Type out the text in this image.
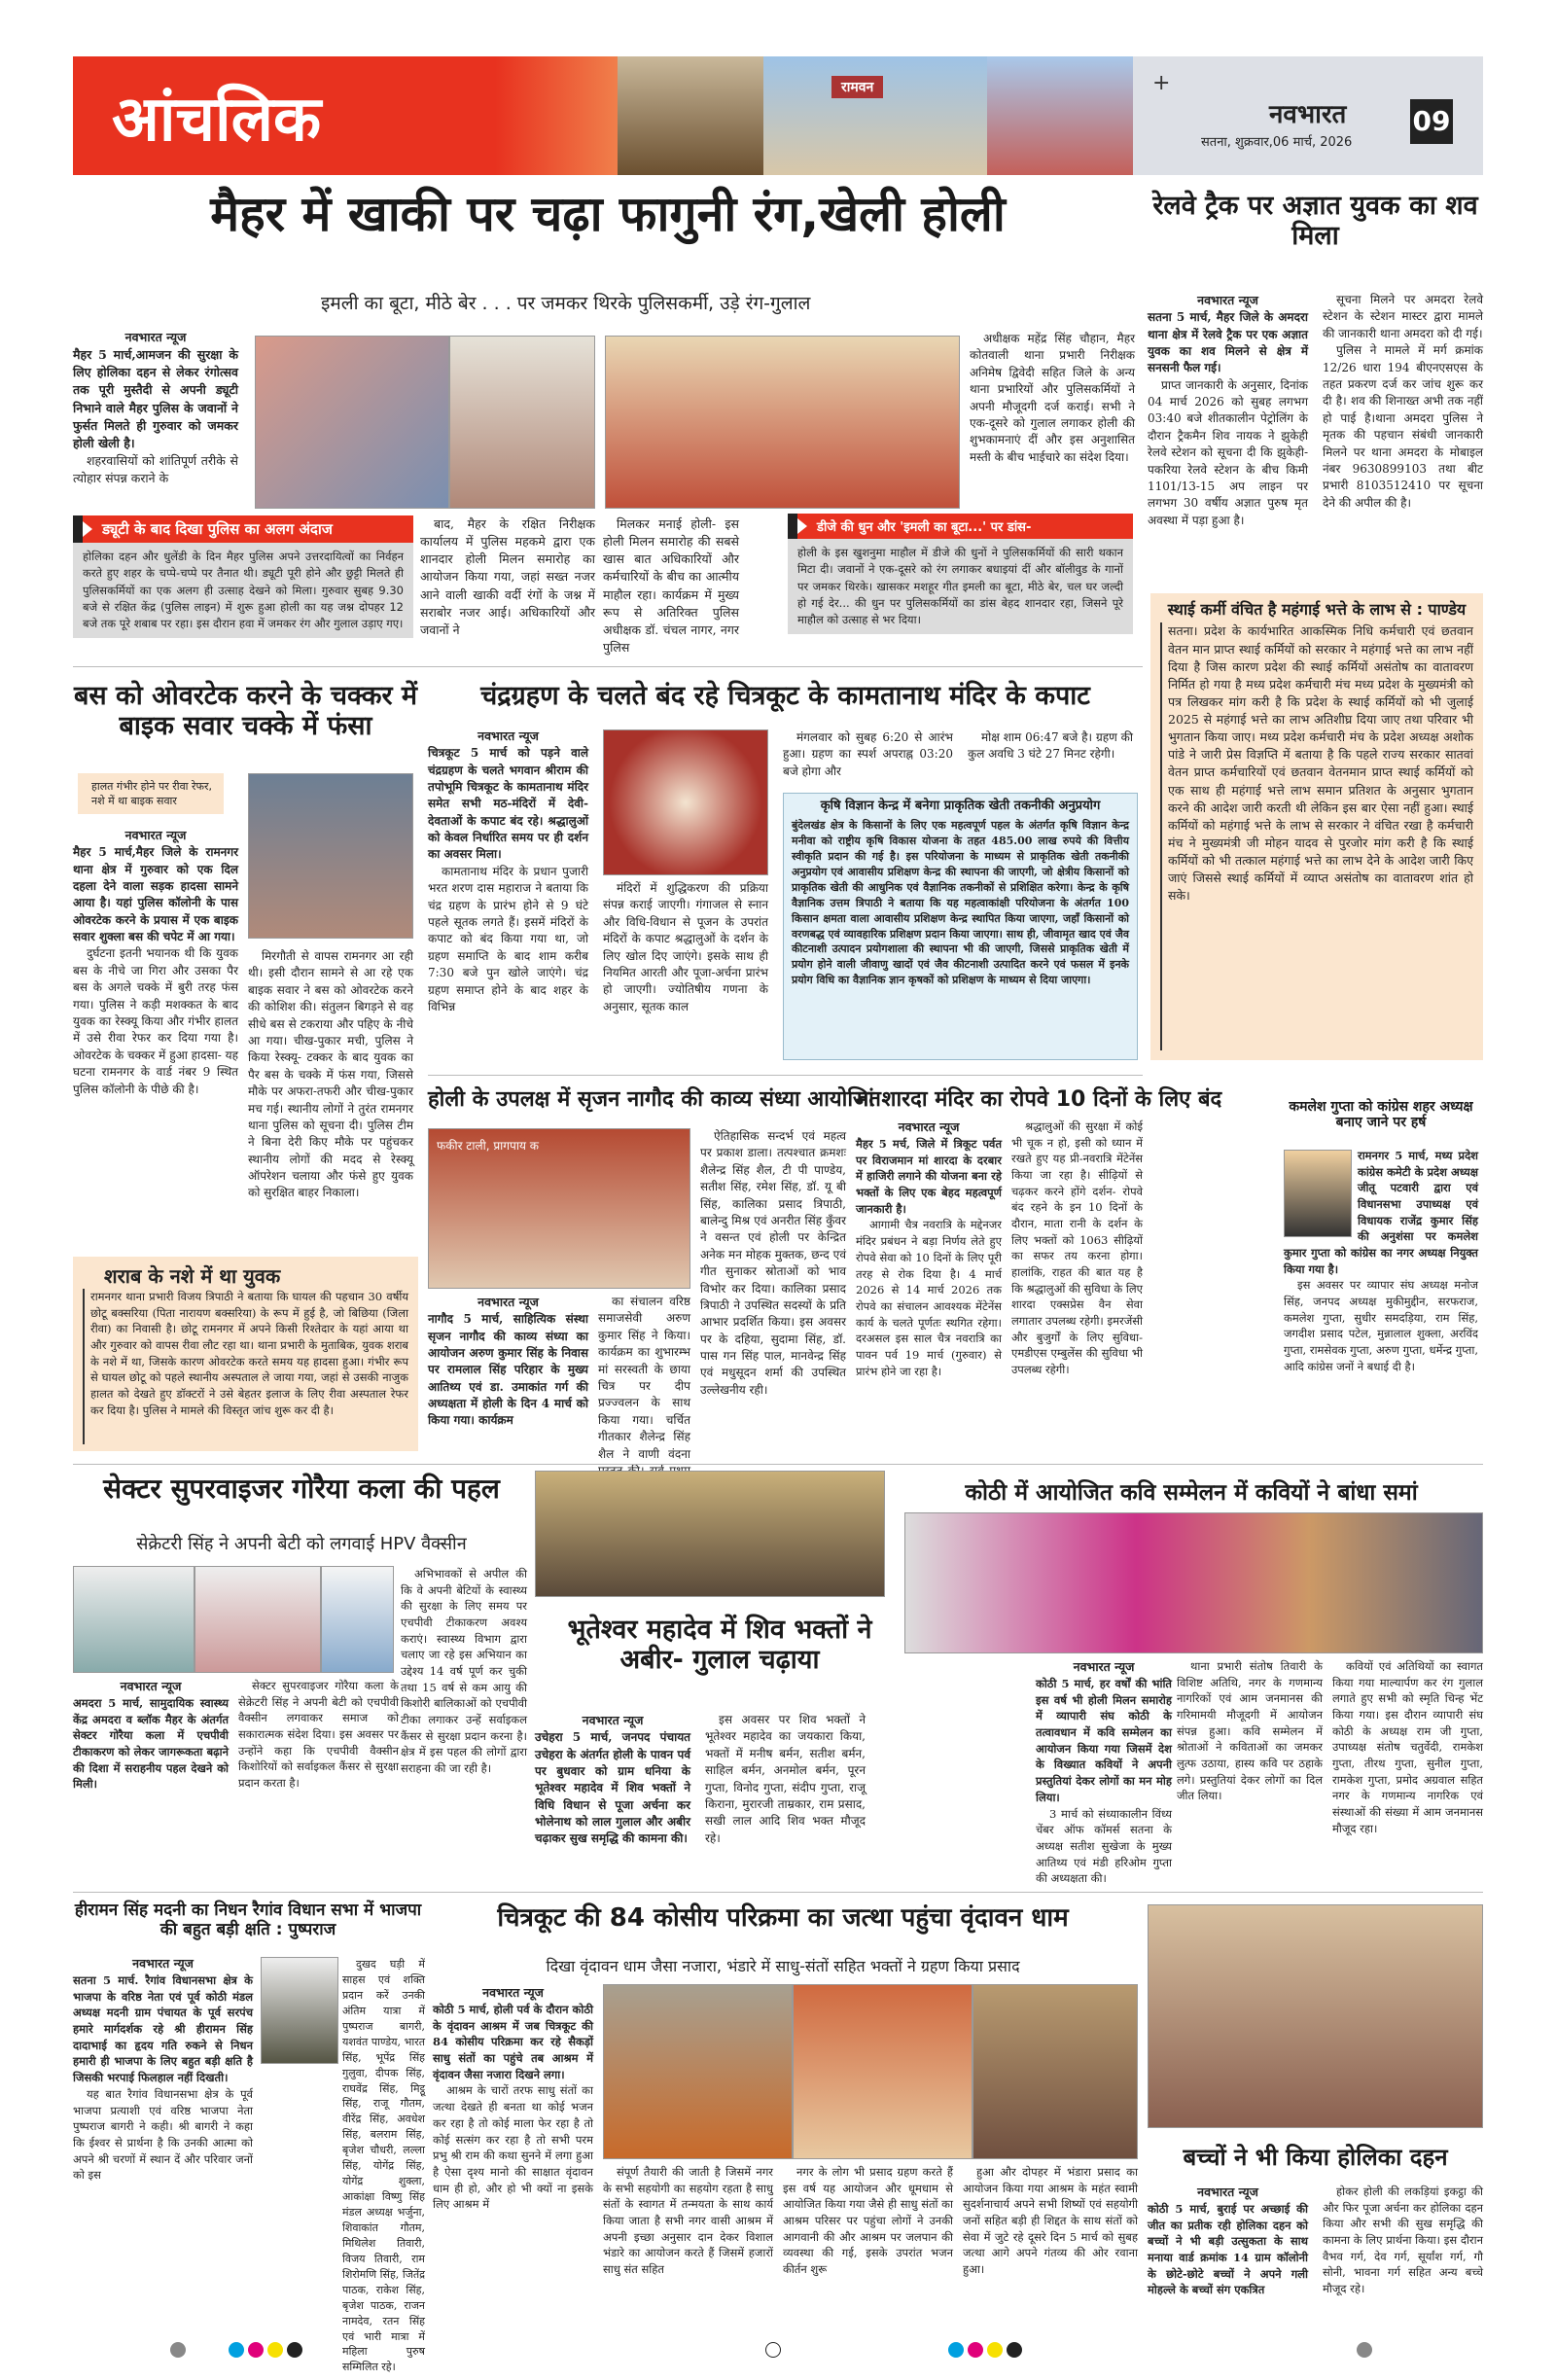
आंचलिक	रामवन	+
नवभारत
सतना, शुक्रवार,06 मार्च, 2026
09
मैहर में खाकी पर चढ़ा फागुनी रंग,खेली होली
इमली का बूटा, मीठे बेर . . . पर जमकर थिरके पुलिसकर्मी, उड़े रंग-गुलाल
नवभारत न्यूज
मैहर 5 मार्च,आमजन की सुरक्षा के लिए होलिका दहन से लेकर रंगोत्सव तक पूरी मुस्तैदी से अपनी ड्यूटी निभाने वाले मैहर पुलिस के जवानों ने फुर्सत मिलते ही गुरुवार को जमकर होली खेली है।

शहरवासियों को शांतिपूर्ण तरीके से त्योहार संपन्न कराने के

अधीक्षक महेंद्र सिंह चौहान, मैहर कोतवाली थाना प्रभारी निरीक्षक अनिमेष द्विवेदी सहित जिले के अन्य थाना प्रभारियों और पुलिसकर्मियों ने अपनी मौजूदगी दर्ज कराई। सभी ने एक-दूसरे को गुलाल लगाकर होली की शुभकामनाएं दीं और इस अनुशासित मस्ती के बीच भाईचारे का संदेश दिया।

ड्यूटी के बाद दिखा पुलिस का अलग अंदाज
होलिका दहन और धुलेंडी के दिन मैहर पुलिस अपने उत्तरदायित्वों का निर्वहन करते हुए शहर के चप्पे-चप्पे पर तैनात थी। ड्यूटी पूरी होने और छुट्टी मिलते ही पुलिसकर्मियों का एक अलग ही उत्साह देखने को मिला। गुरुवार सुबह 9.30 बजे से रक्षित केंद्र (पुलिस लाइन) में शुरू हुआ होली का यह जश्न दोपहर 12 बजे तक पूरे शबाब पर रहा। इस दौरान हवा में जमकर रंग और गुलाल उड़ाए गए।

बाद, मैहर के रक्षित निरीक्षक कार्यालय में पुलिस महकमे द्वारा एक शानदार होली मिलन समारोह का आयोजन किया गया, जहां सख्त नजर आने वाली खाकी वर्दी रंगों के जश्न में सराबोर नजर आई। अधिकारियों और जवानों ने

मिलकर मनाई होली- इस होली मिलन समारोह की सबसे खास बात अधिकारियों और कर्मचारियों के बीच का आत्मीय माहौल रहा। कार्यक्रम में मुख्य रूप से अतिरिक्त पुलिस अधीक्षक डॉ. चंचल नागर, नगर पुलिस

डीजे की धुन और 'इमली का बूटा...' पर डांस-
होली के इस खुशनुमा माहौल में डीजे की धुनों ने पुलिसकर्मियों की सारी थकान मिटा दी। जवानों ने एक-दूसरे को रंग लगाकर बधाइयां दीं और बॉलीवुड के गानों पर जमकर थिरके। खासकर मशहूर गीत इमली का बूटा, मीठे बेर, चल घर जल्दी हो गई देर... की धुन पर पुलिसकर्मियों का डांस बेहद शानदार रहा, जिसने पूरे माहौल को उत्साह से भर दिया।
रेलवे ट्रैक पर अज्ञात युवक का शव मिला
नवभारत न्यूज
सतना 5 मार्च, मैहर जिले के अमदरा थाना क्षेत्र में रेलवे ट्रैक पर एक अज्ञात युवक का शव मिलने से क्षेत्र में सनसनी फैल गई।

प्राप्त जानकारी के अनुसार, दिनांक 04 मार्च 2026 को सुबह लगभग 03:40 बजे शीतकालीन पेट्रोलिंग के दौरान ट्रैकमैन शिव नायक ने झुकेही रेलवे स्टेशन को सूचना दी कि झुकेही-पकरिया रेलवे स्टेशन के बीच किमी 1101/13-15 अप लाइन पर लगभग 30 वर्षीय अज्ञात पुरुष मृत अवस्था में पड़ा हुआ है।

सूचना मिलने पर अमदरा रेलवे स्टेशन के स्टेशन मास्टर द्वारा मामले की जानकारी थाना अमदरा को दी गई।

पुलिस ने मामले में मर्ग क्रमांक 12/26 धारा 194 बीएनएसएस के तहत प्रकरण दर्ज कर जांच शुरू कर दी है। शव की शिनाख्त अभी तक नहीं हो पाई है।थाना अमदरा पुलिस ने मृतक की पहचान संबंधी जानकारी मिलने पर थाना अमदरा के मोबाइल नंबर 9630899103 तथा बीट प्रभारी 8103512410 पर सूचना देने की अपील की है।

स्थाई कर्मी वंचित है महंगाई भत्ते के लाभ से : पाण्डेय
सतना। प्रदेश के कार्यभारित आकस्मिक निधि कर्मचारी एवं छतवान वेतन मान प्राप्त स्थाई कर्मियों को सरकार ने महंगाई भत्ते का लाभ नहीं दिया है जिस कारण प्रदेश की स्थाई कर्मियों असंतोष का वातावरण निर्मित हो गया है मध्य प्रदेश कर्मचारी मंच मध्य प्रदेश के मुख्यमंत्री को पत्र लिखकर मांग करी है कि प्रदेश के स्थाई कर्मियों को भी जुलाई 2025 से महंगाई भत्ते का लाभ अतिशीघ्र दिया जाए तथा परिवार भी भुगतान किया जाए। मध्य प्रदेश कर्मचारी मंच के प्रदेश अध्यक्ष अशोक पांडे ने जारी प्रेस विज्ञप्ति में बताया है कि पहले राज्य सरकार सातवां वेतन प्राप्त कर्मचारियों एवं छतवान वेतनमान प्राप्त स्थाई कर्मियों को एक साथ ही महंगाई भत्ते लाभ समान प्रतिशत के अनुसार भुगतान करने की आदेश जारी करती थी लेकिन इस बार ऐसा नहीं हुआ। स्थाई कर्मियों को महंगाई भत्ते के लाभ से सरकार ने वंचित रखा है कर्मचारी मंच ने मुख्यमंत्री जी मोहन यादव से पुरजोर मांग करी है कि स्थाई कर्मियों को भी तत्काल महंगाई भत्ते का लाभ देने के आदेश जारी किए जाएं जिससे स्थाई कर्मियों में व्याप्त असंतोष का वातावरण शांत हो सके।
बस को ओवरटेक करने के चक्कर में बाइक सवार चक्के में फंसा
हालत गंभीर होने पर रीवा रेफर, नशे में था बाइक सवार
नवभारत न्यूज
मैहर 5 मार्च,मैहर जिले के रामनगर थाना क्षेत्र में गुरुवार को एक दिल दहला देने वाला सड़क हादसा सामने आया है। यहां पुलिस कॉलोनी के पास ओवरटेक करने के प्रयास में एक बाइक सवार शुक्ला बस की चपेट में आ गया।

दुर्घटना इतनी भयानक थी कि युवक बस के नीचे जा गिरा और उसका पैर बस के अगले चक्के में बुरी तरह फंस गया। पुलिस ने कड़ी मशक्कत के बाद युवक का रेस्क्यू किया और गंभीर हालत में उसे रीवा रेफर कर दिया गया है। ओवरटेक के चक्कर में हुआ हादसा- यह घटना रामनगर के वार्ड नंबर 9 स्थित पुलिस कॉलोनी के पीछे की है।

मिरगौती से वापस रामनगर आ रही थी। इसी दौरान सामने से आ रहे एक बाइक सवार ने बस को ओवरटेक करने की कोशिश की। संतुलन बिगड़ने से वह सीधे बस से टकराया और पहिए के नीचे आ गया। चीख-पुकार मची, पुलिस ने किया रेस्क्यू- टक्कर के बाद युवक का पैर बस के चक्के में फंस गया, जिससे मौके पर अफरा-तफरी और चीख-पुकार मच गई। स्थानीय लोगों ने तुरंत रामनगर थाना पुलिस को सूचना दी। पुलिस टीम ने बिना देरी किए मौके पर पहुंचकर स्थानीय लोगों की मदद से रेस्क्यू ऑपरेशन चलाया और फंसे हुए युवक को सुरक्षित बाहर निकाला।

शराब के नशे में था युवक
रामनगर थाना प्रभारी विजय त्रिपाठी ने बताया कि घायल की पहचान 30 वर्षीय छोटू बक्सरिया (पिता नारायण बक्सरिया) के रूप में हुई है, जो बिछिया (जिला रीवा) का निवासी है। छोटू रामनगर में अपने किसी रिश्तेदार के यहां आया था और गुरुवार को वापस रीवा लौट रहा था। थाना प्रभारी के मुताबिक, युवक शराब के नशे में था, जिसके कारण ओवरटेक करते समय यह हादसा हुआ। गंभीर रूप से घायल छोटू को पहले स्थानीय अस्पताल ले जाया गया, जहां से उसकी नाजुक हालत को देखते हुए डॉक्टरों ने उसे बेहतर इलाज के लिए रीवा अस्पताल रेफर कर दिया है। पुलिस ने मामले की विस्तृत जांच शुरू कर दी है।
चंद्रग्रहण के चलते बंद रहे चित्रकूट के कामतानाथ मंदिर के कपाट
नवभारत न्यूज
चित्रकूट 5 मार्च को पड़ने वाले चंद्रग्रहण के चलते भगवान श्रीराम की तपोभूमि चित्रकूट के कामतानाथ मंदिर समेत सभी मठ-मंदिरों में देवी-देवताओं के कपाट बंद रहे। श्रद्धालुओं को केवल निर्धारित समय पर ही दर्शन का अवसर मिला।

कामतानाथ मंदिर के प्रधान पुजारी भरत शरण दास महाराज ने बताया कि चंद्र ग्रहण के प्रारंभ होने से 9 घंटे पहले सूतक लगते हैं। इसमें मंदिरों के कपाट को बंद किया गया था, जो ग्रहण समाप्ति के बाद शाम करीब 7:30 बजे पुन खोले जाएंगे। चंद्र ग्रहण समाप्त होने के बाद शहर के विभिन्न

मंदिरों में शुद्धिकरण की प्रक्रिया संपन्न कराई जाएगी। गंगाजल से स्नान और विधि-विधान से पूजन के उपरांत मंदिरों के कपाट श्रद्धालुओं के दर्शन के लिए खोल दिए जाएंगे। इसके साथ ही नियमित आरती और पूजा-अर्चना प्रारंभ हो जाएगी। ज्योतिषीय गणना के अनुसार, सूतक काल

मंगलवार को सुबह 6:20 से आरंभ हुआ। ग्रहण का स्पर्श अपराह्न 03:20 बजे होगा और

मोक्ष शाम 06:47 बजे है। ग्रहण की कुल अवधि 3 घंटे 27 मिनट रहेगी।

कृषि विज्ञान केन्द्र में बनेगा प्राकृतिक खेती तकनीकी अनुप्रयोग
बुंदेलखंड क्षेत्र के किसानों के लिए एक महत्वपूर्ण पहल के अंतर्गत कृषि विज्ञान केन्द्र मनीवा को राष्ट्रीय कृषि विकास योजना के तहत 485.00 लाख रुपये की वित्तीय स्वीकृति प्रदान की गई है। इस परियोजना के माध्यम से प्राकृतिक खेती तकनीकी अनुप्रयोग एवं आवासीय प्रशिक्षण केन्द्र की स्थापना की जाएगी, जो क्षेत्रीय किसानों को प्राकृतिक खेती की आधुनिक एवं वैज्ञानिक तकनीकों से प्रशिक्षित करेगा। केन्द्र के कृषि वैज्ञानिक उत्तम त्रिपाठी ने बताया कि यह महत्वाकांक्षी परियोजना के अंतर्गत 100 किसान क्षमता वाला आवासीय प्रशिक्षण केन्द्र स्थापित किया जाएगा, जहाँ किसानों को वरणबद्ध एवं व्यावहारिक प्रशिक्षण प्रदान किया जाएगा। साथ ही, जीवामृत खाद एवं जैव कीटनाशी उत्पादन प्रयोगशाला की स्थापना भी की जाएगी, जिससे प्राकृतिक खेती में प्रयोग होने वाली जीवाणु खादों एवं जैव कीटनाशी उत्पादित करने एवं फसल में इनके प्रयोग विधि का वैज्ञानिक ज्ञान कृषकों को प्रशिक्षण के माध्यम से दिया जाएगा।
होली के उपलक्ष में सृजन नागौद की काव्य संध्या आयोजित
फकीर टाली, प्रागपाय क
नवभारत न्यूज
नागौद 5 मार्च, साहित्यिक संस्था सृजन नागौद की काव्य संध्या का आयोजन अरुण कुमार सिंह के निवास पर रामलाल सिंह परिहार के मुख्य आतिथ्य एवं डा. उमाकांत गर्ग की अध्यक्षता में होली के दिन 4 मार्च को किया गया। कार्यक्रम

का संचालन वरिष्ठ समाजसेवी अरुण कुमार सिंह ने किया। कार्यक्रम का शुभारम्भ मां सरस्वती के छाया चित्र पर दीप प्रज्ज्वलन के साथ किया गया। चर्चित गीतकार शैलेन्द्र सिंह शैल ने वाणी वंदना

ऐतिहासिक सन्दर्भ एवं महत्व पर प्रकाश डाला। तत्पश्चात क्रमशः शैलेन्द्र सिंह शैल, टी पी पाण्डेय, सतीश सिंह, रमेश सिंह, डॉ. यू बी सिंह, कालिका प्रसाद त्रिपाठी, बालेन्दु मिश्र एवं अनरीत सिंह कुँवर ने वसन्त एवं होली पर केन्द्रित अनेक मन मोहक मुक्तक, छन्द एवं गीत सुनाकर स्रोताओं को भाव विभोर कर दिया। कालिका प्रसाद त्रिपाठी ने उपस्थित सदस्यों के प्रति आभार प्रदर्शित किया। इस अवसर पर के दहिया, सुदामा सिंह, डॉ. पास गन सिंह पाल, मानवेन्द्र सिंह एवं मधुसूदन शर्मा की उपस्थित उल्लेखनीय रही।

मां शारदा मंदिर का रोपवे 10 दिनों के लिए बंद
नवभारत न्यूज
मैहर 5 मर्च, जिले में त्रिकूट पर्वत पर विराजमान मां शारदा के दरबार में हाजिरी लगाने की योजना बना रहे भक्तों के लिए एक बेहद महत्वपूर्ण जानकारी है।

आगामी चैत्र नवरात्रि के मद्देनजर मंदिर प्रबंधन ने बड़ा निर्णय लेते हुए रोपवे सेवा को 10 दिनों के लिए पूरी तरह से रोक दिया है। 4 मार्च 2026 से 14 मार्च 2026 तक रोपवे का संचालन आवश्यक मेंटेनेंस कार्य के चलते पूर्णतः स्थगित रहेगा। दरअसल इस साल चैत्र नवरात्रि का पावन पर्व 19 मार्च (गुरुवार) से प्रारंभ होने जा रहा है।

श्रद्धालुओं की सुरक्षा में कोई भी चूक न हो, इसी को ध्यान में रखते हुए यह प्री-नवरात्रि मेंटेनेंस किया जा रहा है। सीढ़ियों से चढ़कर करने होंगे दर्शन- रोपवे बंद रहने के इन 10 दिनों के दौरान, माता रानी के दर्शन के लिए भक्तों को 1063 सीढ़ियों का सफर तय करना होगा। हालांकि, राहत की बात यह है कि श्रद्धालुओं की सुविधा के लिए शारदा एक्सप्रेस वैन सेवा लगातार उपलब्ध रहेगी। इमरजेंसी और बुजुर्गों के लिए सुविधा- एमडीएस एम्बुलेंस की सुविधा भी उपलब्ध रहेगी।

कमलेश गुप्ता को कांग्रेस शहर अध्यक्ष बनाए जाने पर हर्ष
रामनगर 5 मार्च, मध्य प्रदेश कांग्रेस कमेटी के प्रदेश अध्यक्ष जीतू पटवारी द्वारा एवं विधानसभा उपाध्यक्ष एवं विधायक राजेंद्र कुमार सिंह की अनुशंसा पर कमलेश कुमार गुप्ता को कांग्रेस का नगर अध्यक्ष नियुक्त किया गया है।

इस अवसर पर व्यापार संघ अध्यक्ष मनोज सिंह, जनपद अध्यक्ष मुकीमुद्दीन, सरफराज, कमलेश गुप्ता, सुधीर समदड़िया, राम सिंह, जगदीश प्रसाद पटेल, मुन्नालाल शुक्ला, अरविंद गुप्ता, रामसेवक गुप्ता, अरुण गुप्ता, धर्मेन्द्र गुप्ता, आदि कांग्रेस जनों ने बधाई दी है।

सेक्टर सुपरवाइजर गोरैया कला की पहल
सेक्रेटरी सिंह ने अपनी बेटी को लगवाई HPV वैक्सीन
नवभारत न्यूज
अमदरा 5 मार्च, सामुदायिक स्वास्थ्य केंद्र अमदरा व ब्लॉक मैहर के अंतर्गत सेक्टर गोरैया कला में एचपीवी टीकाकरण को लेकर जागरूकता बढ़ाने की दिशा में सराहनीय पहल देखने को मिली।

सेक्टर सुपरवाइजर गोरैया कला के सेक्रेटरी सिंह ने अपनी बेटी को एचपीवी वैक्सीन लगवाकर समाज को सकारात्मक संदेश दिया। इस अवसर पर उन्होंने कहा कि एचपीवी वैक्सीन किशोरियों को सर्वाइकल कैंसर से सुरक्षा प्रदान करता है।

अभिभावकों से अपील की कि वे अपनी बेटियों के स्वास्थ्य की सुरक्षा के लिए समय पर एचपीवी टीकाकरण अवश्य कराएं। स्वास्थ्य विभाग द्वारा चलाए जा रहे इस अभियान का उद्देश्य 14 वर्ष पूर्ण कर चुकी तथा 15 वर्ष से कम आयु की किशोरी बालिकाओं को एचपीवी टीका लगाकर उन्हें सर्वाइकल कैंसर से सुरक्षा प्रदान करना है। क्षेत्र में इस पहल की लोगों द्वारा सराहना की जा रही है।

भूतेश्वर महादेव में शिव भक्तों ने अबीर- गुलाल चढ़ाया
नवभारत न्यूज
उचेहरा 5 मार्च, जनपद पंचायत उचेहरा के अंतर्गत होली के पावन पर्व पर बुधवार को ग्राम धनिया के भूतेश्वर महादेव में शिव भक्तों ने विधि विधान से पूजा अर्चना कर भोलेनाथ को लाल गुलाल और अबीर चढ़ाकर सुख समृद्धि की कामना की।

इस अवसर पर शिव भक्तों ने भूतेश्वर महादेव का जयकारा किया, भक्तों में मनीष बर्मन, सतीश बर्मन, साहिल बर्मन, अनमोल बर्मन, पूरन गुप्ता, विनोद गुप्ता, संदीप गुप्ता, राजू किराना, मुरारजी ताम्रकार, राम प्रसाद, सखी लाल आदि शिव भक्त मौजूद रहे।

कोठी में आयोजित कवि सम्मेलन में कवियों ने बांधा समां
नवभारत न्यूज
कोठी 5 मार्च, हर वर्षों की भांति इस वर्ष भी होली मिलन समारोह में व्यापारी संघ कोठी के तत्वावधान में कवि सम्मेलन का आयोजन किया गया जिसमें देश के विख्यात कवियों ने अपनी प्रस्तुतियां देकर लोगों का मन मोह लिया।

3 मार्च को संध्याकालीन विंध्य चेंबर ऑफ कॉमर्स सतना के अध्यक्ष सतीश सुखेजा के मुख्य आतिथ्य एवं मंडी हरिओम गुप्ता की अध्यक्षता की।

थाना प्रभारी संतोष तिवारी के विशिष्ट अतिथि, नगर के गणमान्य नागरिकों एवं आम जनमानस की गरिमामयी मौजूदगी में आयोजन संपन्न हुआ। कवि सम्मेलन में श्रोताओं ने कविताओं का जमकर लुत्फ उठाया, हास्य कवि पर ठहाके लगे। प्रस्तुतियां देकर लोगों का दिल जीत लिया।

कवियों एवं अतिथियों का स्वागत किया गया माल्यार्पण कर रंग गुलाल लगाते हुए सभी को स्मृति चिन्ह भेंट किया गया। इस दौरान व्यापारी संघ कोठी के अध्यक्ष राम जी गुप्ता, उपाध्यक्ष संतोष चतुर्वेदी, रामकेश गुप्ता, तीरथ गुप्ता, सुनील गुप्ता, रामकेश गुप्ता, प्रमोद अग्रवाल सहित नगर के गणमान्य नागरिक एवं संस्थाओं की संख्या में आम जनमानस मौजूद रहा।

हीरामन सिंह मदनी का निधन रैगांव विधान सभा में भाजपा की बहुत बड़ी क्षति : पुष्पराज
नवभारत न्यूज
सतना 5 मार्च. रैगांव विधानसभा क्षेत्र के भाजपा के वरिष्ठ नेता एवं पूर्व कोठी मंडल अध्यक्ष मदनी ग्राम पंचायत के पूर्व सरपंच हमारे मार्गदर्शक रहे श्री हीरामन सिंह दादाभाई का हृदय गति रुकने से निधन हमारी ही भाजपा के लिए बहुत बड़ी क्षति है जिसकी भरपाई फिलहाल नहीं दिखती।

यह बात रैगांव विधानसभा क्षेत्र के पूर्व भाजपा प्रत्याशी एवं वरिष्ठ भाजपा नेता पुष्पराज बागरी ने कही। श्री बागरी ने कहा कि ईश्वर से प्रार्थना है कि उनकी आत्मा को अपने श्री चरणों में स्थान दें और परिवार जनों को इस

दुखद घड़ी में साहस एवं शक्ति प्रदान करें उनकी अंतिम यात्रा में पुष्पराज बागरी, यशवंत पाण्डेय, भारत सिंह, भूपेंद्र सिंह गुलुवा, दीपक सिंह, राघवेंद्र सिंह, मिट्ठू सिंह, राजू गौतम, वीरेंद्र सिंह, अवधेश सिंह, बलराम सिंह, बृजेश चौधरी, लल्ला सिंह, योगेंद्र सिंह, योगेंद्र शुक्ला, आकांक्षा विष्णु सिंह मंडल अध्यक्ष भर्जुना, शिवाकांत गौतम, मिथिलेश तिवारी, विजय तिवारी, राम शिरोमणि सिंह, जितेंद्र पाठक, राकेश सिंह, बृजेश पाठक, राजन नामदेव, रतन सिंह एवं भारी मात्रा में महिला पुरुष सम्मिलित रहे।

चित्रकूट की 84 कोसीय परिक्रमा का जत्था पहुंचा वृंदावन धाम
दिखा वृंदावन धाम जैसा नजारा, भंडारे में साधु-संतों सहित भक्तों ने ग्रहण किया प्रसाद
नवभारत न्यूज
कोठी 5 मार्च, होली पर्व के दौरान कोठी के वृंदावन आश्रम में जब चित्रकूट की 84 कोसीय परिक्रमा कर रहे सैकड़ों साधु संतों का पहुंचे तब आश्रम में वृंदावन जैसा नजारा दिखने लगा।

आश्रम के चारों तरफ साधु संतों का जत्था देखते ही बनता था कोई भजन कर रहा है तो कोई माला फेर रहा है तो कोई सत्संग कर रहा है तो सभी परम प्रभु श्री राम की कथा सुनने में लगा हुआ है ऐसा दृश्य मानो की साक्षात वृंदावन धाम ही हो, और हो भी क्यों ना इसके लिए आश्रम में

संपूर्ण तैयारी की जाती है जिसमें नगर के सभी सहयोगी का सहयोग रहता है साधु संतों के स्वागत में तन्मयता के साथ कार्य किया जाता है सभी नगर वासी आश्रम में अपनी इच्छा अनुसार दान देकर विशाल भंडारे का आयोजन करते हैं जिसमें हजारों साधु संत सहित

नगर के लोग भी प्रसाद ग्रहण करते हैं इस वर्ष यह आयोजन और धूमधाम से आयोजित किया गया जैसे ही साधु संतों का आश्रम परिसर पर पहुंचा लोगों ने उनकी आगवानी की और आश्रम पर जलपान की व्यवस्था की गई, इसके उपरांत भजन कीर्तन शुरू

हुआ और दोपहर में भंडारा प्रसाद का आयोजन किया गया आश्रम के महंत स्वामी सुदर्शनाचार्य अपने सभी शिष्यों एवं सहयोगी जनों सहित बड़ी ही शिद्दत के साथ संतों को सेवा में जुटे रहे दूसरे दिन 5 मार्च को सुबह जत्था आगे अपने गंतव्य की ओर रवाना हुआ।

बच्चों ने भी किया होलिका दहन
नवभारत न्यूज
कोठी 5 मार्च, बुराई पर अच्छाई की जीत का प्रतीक रही होलिका दहन को बच्चों ने भी बड़ी उत्सुकता के साथ मनाया वार्ड क्रमांक 14 ग्राम कॉलोनी के छोटे-छोटे बच्चों ने अपने गली मोहल्ले के बच्चों संग एकत्रित

होकर होली की लकड़ियां इकट्ठा की और फिर पूजा अर्चना कर होलिका दहन किया और सभी की सुख समृद्धि की कामना के लिए प्रार्थना किया। इस दौरान वैभव गर्ग, देव गर्ग, सूर्यांश गर्ग, गौ सोनी, भावना गर्ग सहित अन्य बच्चे मौजूद रहे।
